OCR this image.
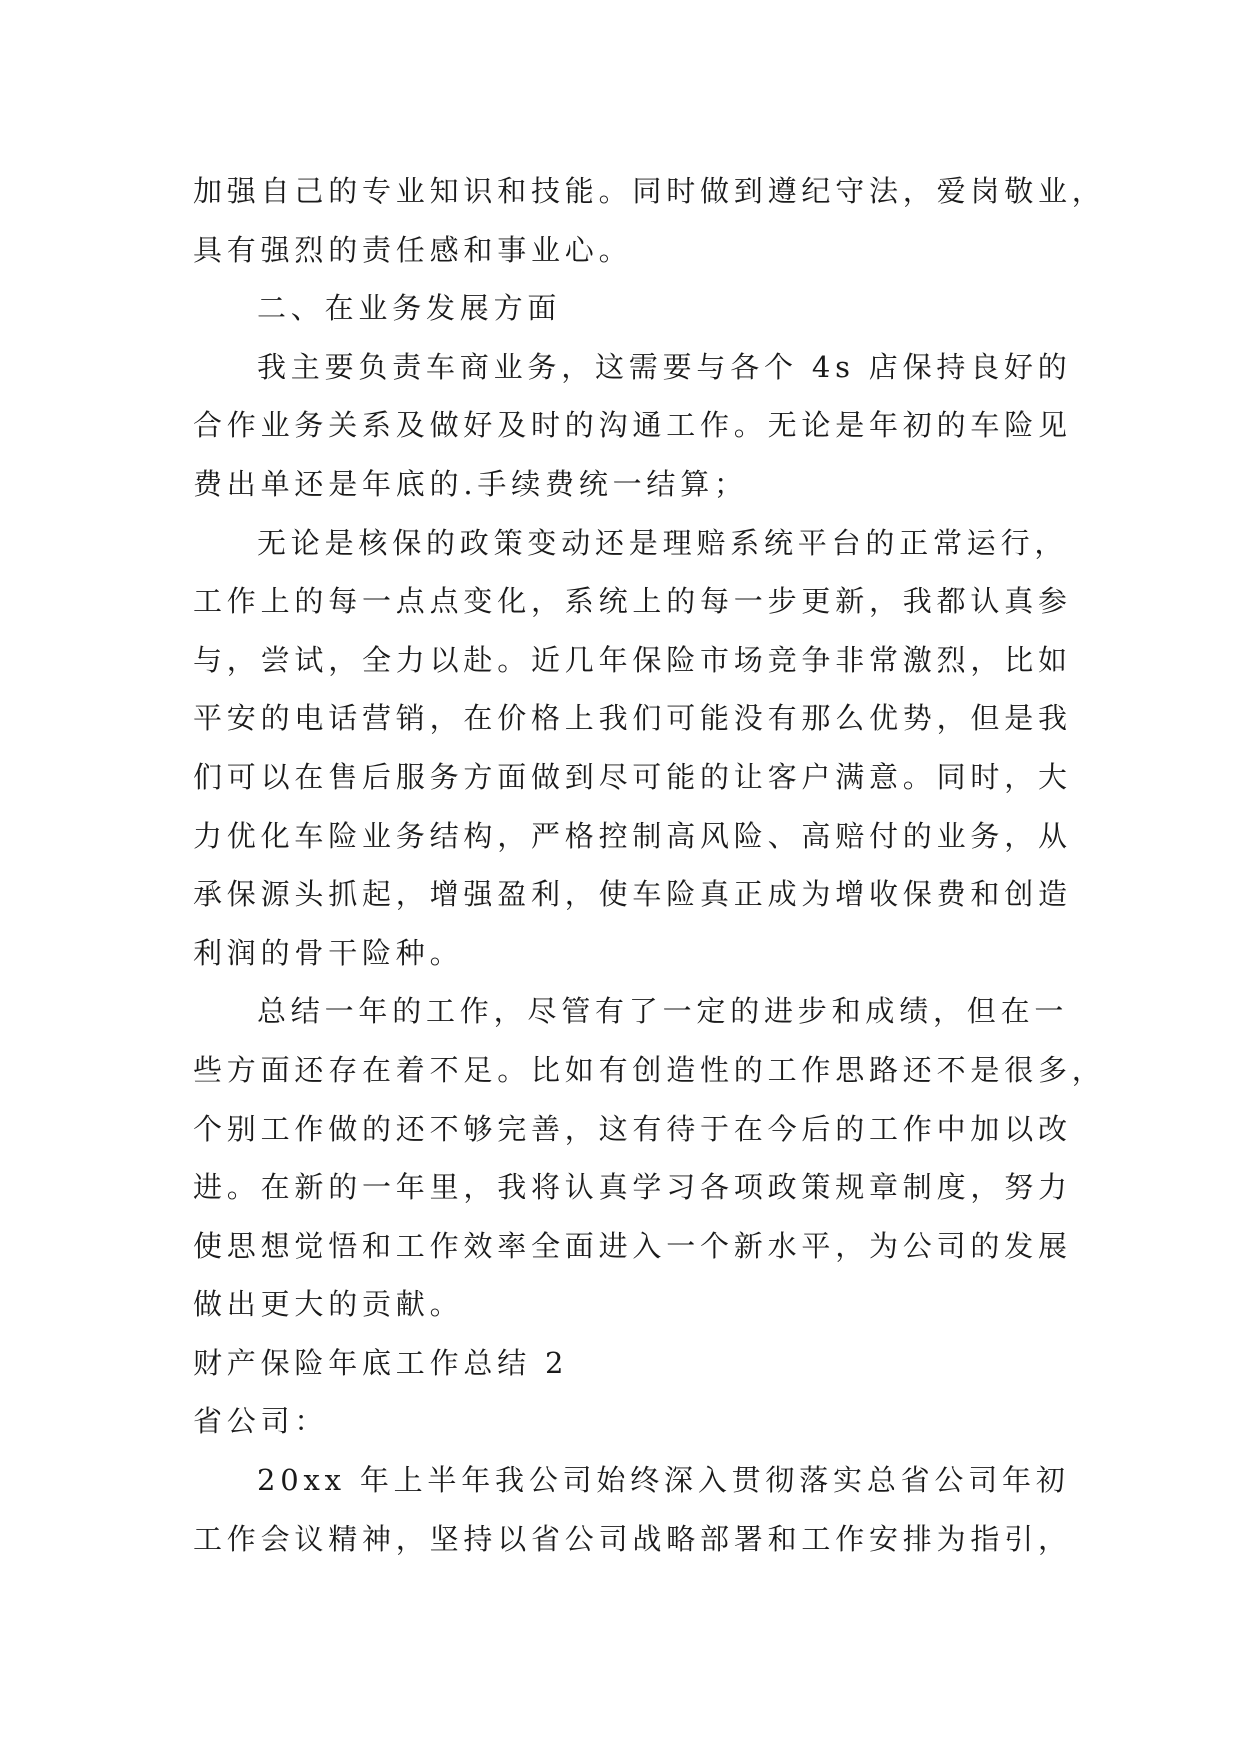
加强自己的专业知识和技能。同时做到遵纪守法，爱岗敬业，
具有强烈的责任感和事业心。
二、在业务发展方面
我主要负责车商业务，这需要与各个 4s 店保持良好的
合作业务关系及做好及时的沟通工作。无论是年初的车险见
费出单还是年底的.手续费统一结算；
无论是核保的政策变动还是理赔系统平台的正常运行，
工作上的每一点点变化，系统上的每一步更新，我都认真参
与，尝试，全力以赴。近几年保险市场竞争非常激烈，比如
平安的电话营销，在价格上我们可能没有那么优势，但是我
们可以在售后服务方面做到尽可能的让客户满意。同时，大
力优化车险业务结构，严格控制高风险、高赔付的业务，从
承保源头抓起，增强盈利，使车险真正成为增收保费和创造
利润的骨干险种。
总结一年的工作，尽管有了一定的进步和成绩，但在一
些方面还存在着不足。比如有创造性的工作思路还不是很多，
个别工作做的还不够完善，这有待于在今后的工作中加以改
进。在新的一年里，我将认真学习各项政策规章制度，努力
使思想觉悟和工作效率全面进入一个新水平，为公司的发展
做出更大的贡献。
财产保险年底工作总结 2
省公司：
20xx 年上半年我公司始终深入贯彻落实总省公司年初
工作会议精神，坚持以省公司战略部署和工作安排为指引，
